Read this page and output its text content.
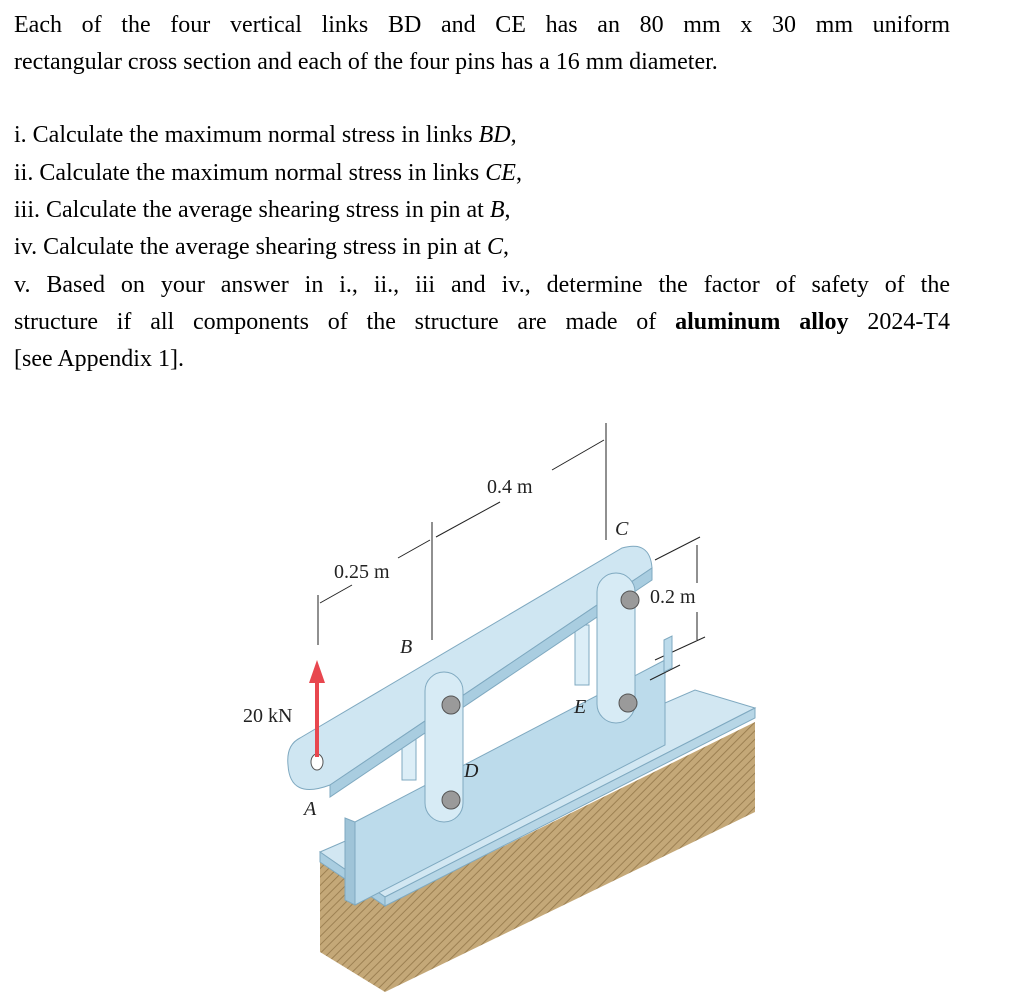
Each of the four vertical links BD and CE has an 80 mm x 30 mm uniform
rectangular cross section and each of the four pins has a 16 mm diameter.
i. Calculate the maximum normal stress in links BD,
ii. Calculate the maximum normal stress in links CE,
iii. Calculate the average shearing stress in pin at B,
iv. Calculate the average shearing stress in pin at C,
v. Based on your answer in i., ii., iii and iv., determine the factor of safety of the
structure if all components of the structure are made of aluminum alloy 2024-T4
[see Appendix 1].
20 kN
A
B
C
D
E
0.25 m
0.4 m
0.2 m
